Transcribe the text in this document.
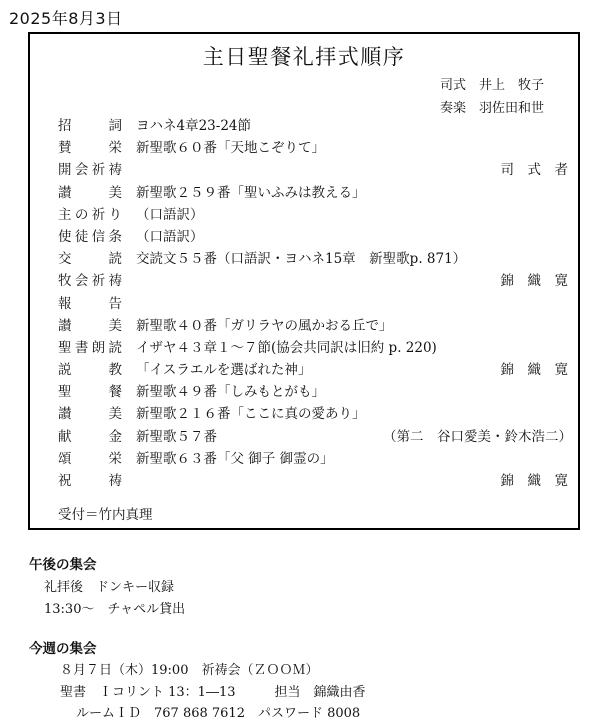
2025年8月3日
主日聖餐礼拝式順序
司式　井上　牧子
奏楽　羽佐田和世
招詞 ヨハネ4章23-24節
賛栄 新聖歌６０番「天地こぞりて」
開会祈祷	司　式　者
讃美 新聖歌２５９番「聖いふみは教える」
主の祈り （口語訳）
使徒信条 （口語訳）
交読 交読文５５番（口語訳・ヨハネ15章　新聖歌p. 871）
牧会祈祷	錦　織　寛
報告
讃美 新聖歌４０番「ガリラヤの風かおる丘で」
聖書朗読 イザヤ４３章１～７節(協会共同訳は旧約 p. 220)
説教 「イスラエルを選ばれた神」	錦　織　寛
聖餐 新聖歌４９番「しみもとがも」
讃美 新聖歌２１６番「ここに真の愛あり」
献金 新聖歌５７番	（第二　谷口愛美・鈴木浩二）
頌栄 新聖歌６３番「父 御子 御霊の」
祝祷	錦　織　寛
受付＝竹内真理
午後の集会
礼拝後　ドンキー収録
13:30～　チャペル貸出
今週の集会
８月７日（木）19:00　祈祷会（ＺＯＯＭ）
聖書　Ｉコリント 13：1―13　　　担当　錦織由香
ルームＩＤ　767 868 7612　パスワード 8008
